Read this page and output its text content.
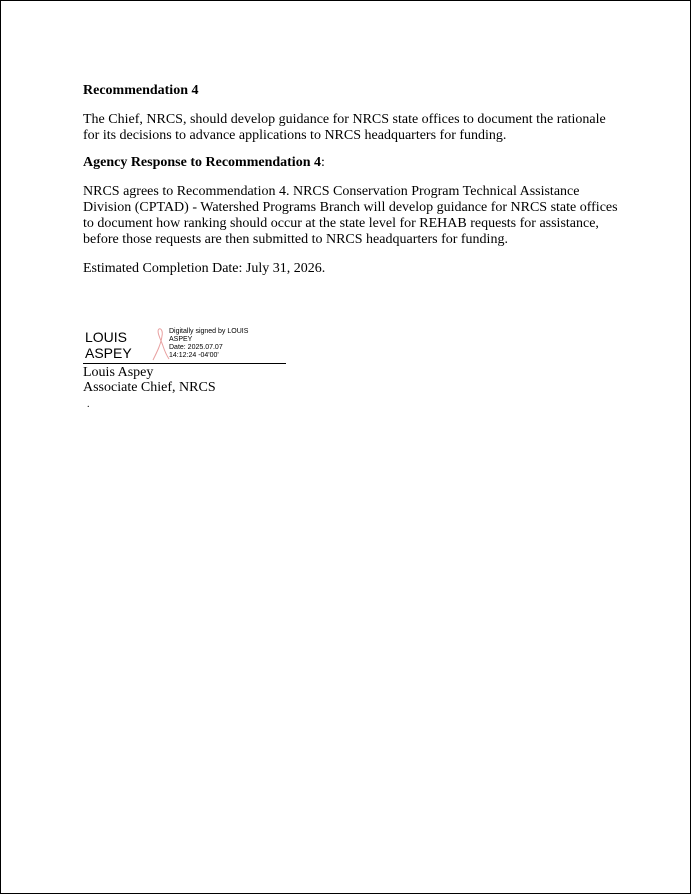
Recommendation 4

The Chief, NRCS, should develop guidance for NRCS state offices to document the rationale for its decisions to advance applications to NRCS headquarters for funding.

Agency Response to Recommendation 4:

NRCS agrees to Recommendation 4. NRCS Conservation Program Technical Assistance Division (CPTAD) - Watershed Programs Branch will develop guidance for NRCS state offices to document how ranking should occur at the state level for REHAB requests for assistance, before those requests are then submitted to NRCS headquarters for funding.

Estimated Completion Date: July 31, 2026.

LOUIS
ASPEY
Digitally signed by LOUIS
ASPEY
Date: 2025.07.07
14:12:24 -04'00'
Louis Aspey
Associate Chief, NRCS
.
